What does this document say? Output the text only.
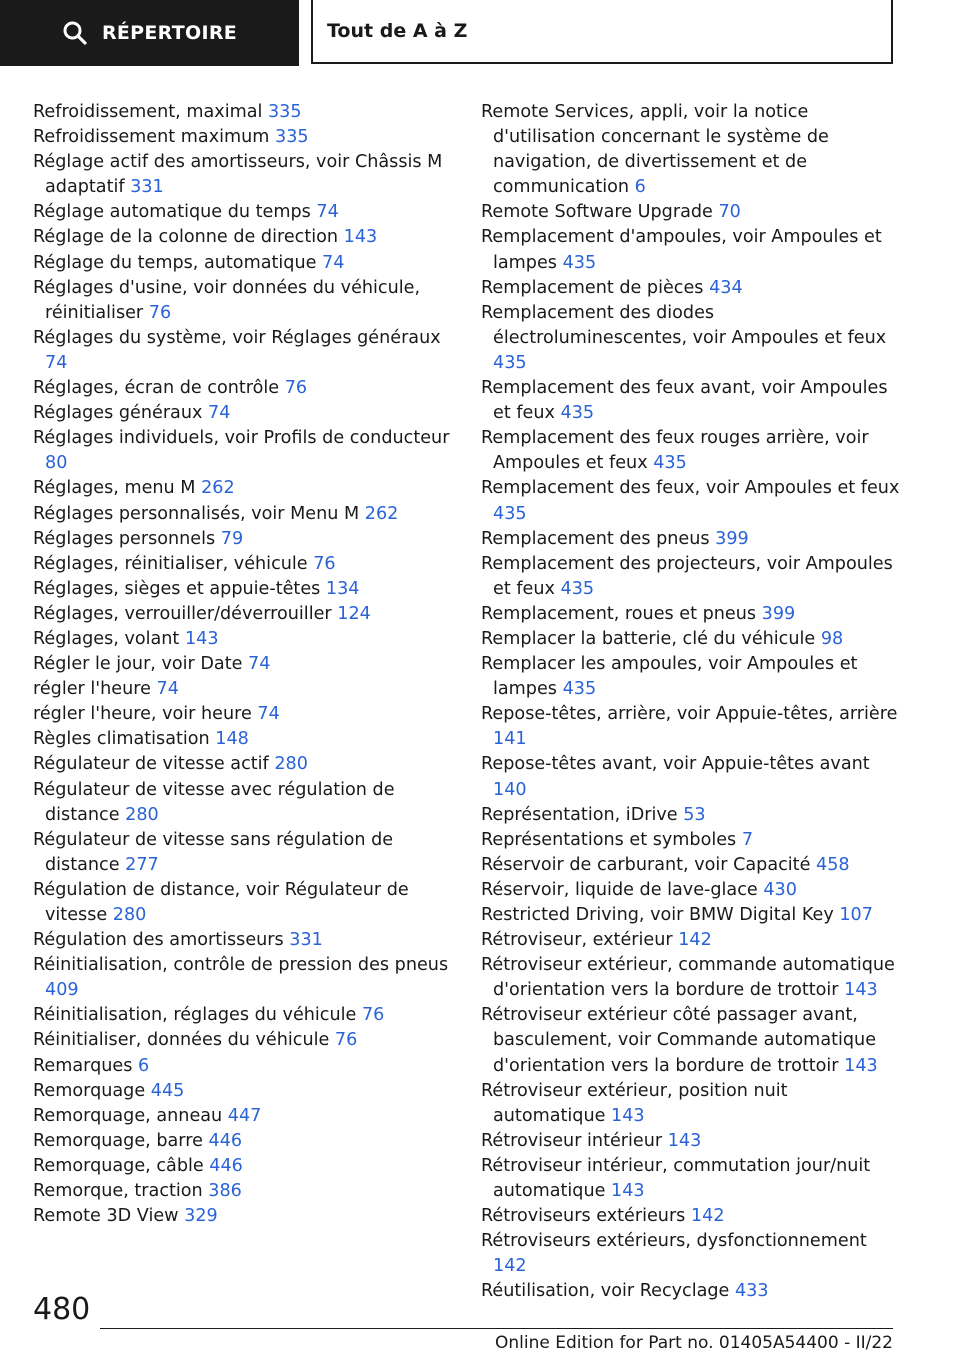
RÉPERTOIRE	Tout de A à Z
Refroidissement, maximal 335
Refroidissement maximum 335
Réglage actif des amortisseurs, voir Châssis M adaptatif 331
Réglage automatique du temps 74
Réglage de la colonne de direction 143
Réglage du temps, automatique 74
Réglages d'usine, voir données du véhicule, réinitialiser 76
Réglages du système, voir Réglages généraux 74
Réglages, écran de contrôle 76
Réglages généraux 74
Réglages individuels, voir Profils de conducteur 80
Réglages, menu M 262
Réglages personnalisés, voir Menu M 262
Réglages personnels 79
Réglages, réinitialiser, véhicule 76
Réglages, sièges et appuie-têtes 134
Réglages, verrouiller/déverrouiller 124
Réglages, volant 143
Régler le jour, voir Date 74
régler l'heure 74
régler l'heure, voir heure 74
Règles climatisation 148
Régulateur de vitesse actif 280
Régulateur de vitesse avec régulation de distance 280
Régulateur de vitesse sans régulation de distance 277
Régulation de distance, voir Régulateur de vitesse 280
Régulation des amortisseurs 331
Réinitialisation, contrôle de pression des pneus 409
Réinitialisation, réglages du véhicule 76
Réinitialiser, données du véhicule 76
Remarques 6
Remorquage 445
Remorquage, anneau 447
Remorquage, barre 446
Remorquage, câble 446
Remorque, traction 386
Remote 3D View 329
Remote Services, appli, voir la notice d'utilisation concernant le système de navigation, de divertissement et de communication 6
Remote Software Upgrade 70
Remplacement d'ampoules, voir Ampoules et lampes 435
Remplacement de pièces 434
Remplacement des diodes électroluminescentes, voir Ampoules et feux 435
Remplacement des feux avant, voir Ampoules et feux 435
Remplacement des feux rouges arrière, voir Ampoules et feux 435
Remplacement des feux, voir Ampoules et feux 435
Remplacement des pneus 399
Remplacement des projecteurs, voir Ampoules et feux 435
Remplacement, roues et pneus 399
Remplacer la batterie, clé du véhicule 98
Remplacer les ampoules, voir Ampoules et lampes 435
Repose-têtes, arrière, voir Appuie-têtes, arrière 141
Repose-têtes avant, voir Appuie-têtes avant 140
Représentation, iDrive 53
Représentations et symboles 7
Réservoir de carburant, voir Capacité 458
Réservoir, liquide de lave-glace 430
Restricted Driving, voir BMW Digital Key 107
Rétroviseur, extérieur 142
Rétroviseur extérieur, commande automatique d'orientation vers la bordure de trottoir 143
Rétroviseur extérieur côté passager avant, basculement, voir Commande automatique d'orientation vers la bordure de trottoir 143
Rétroviseur extérieur, position nuit automatique 143
Rétroviseur intérieur 143
Rétroviseur intérieur, commutation jour/nuit automatique 143
Rétroviseurs extérieurs 142
Rétroviseurs extérieurs, dysfonctionnement 142
Réutilisation, voir Recyclage 433
480
Online Edition for Part no. 01405A54400 - II/22
